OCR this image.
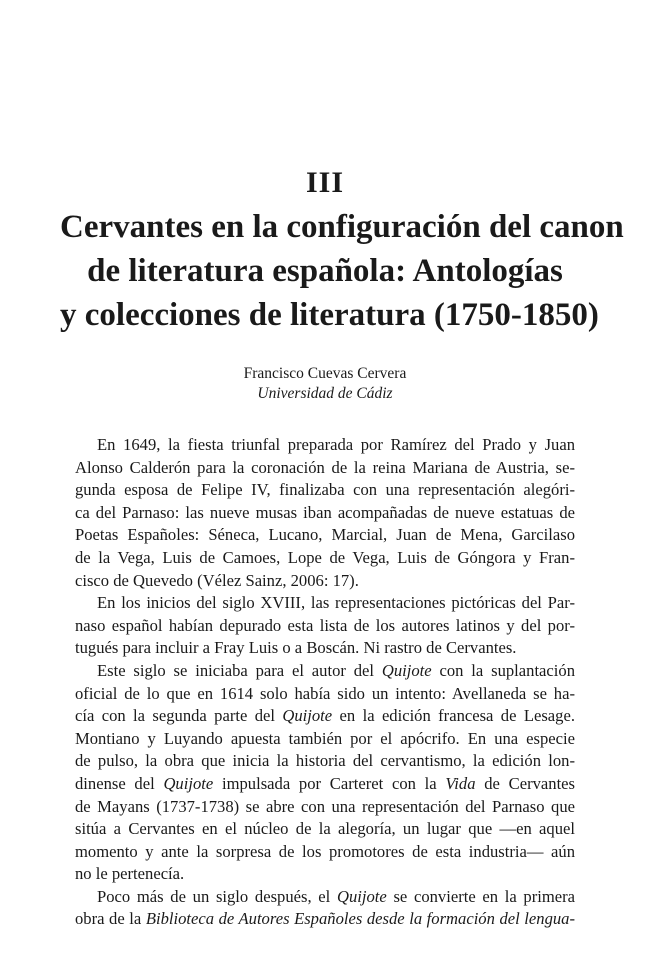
III
Cervantes en la configuración del canon
de literatura española: Antologías
y colecciones de literatura (1750-1850)
Francisco Cuevas Cervera
Universidad de Cádiz
En 1649, la fiesta triunfal preparada por Ramírez del Prado y Juan
Alonso Calderón para la coronación de la reina Mariana de Austria, se-
gunda esposa de Felipe IV, finalizaba con una representación alegóri-
ca del Parnaso: las nueve musas iban acompañadas de nueve estatuas de
Poetas Españoles: Séneca, Lucano, Marcial, Juan de Mena, Garcilaso
de la Vega, Luis de Camoes, Lope de Vega, Luis de Góngora y Fran-
cisco de Quevedo (Vélez Sainz, 2006: 17).
En los inicios del siglo XVIII, las representaciones pictóricas del Par-
naso español habían depurado esta lista de los autores latinos y del por-
tugués para incluir a Fray Luis o a Boscán. Ni rastro de Cervantes.
Este siglo se iniciaba para el autor del Quijote con la suplantación
oficial de lo que en 1614 solo había sido un intento: Avellaneda se ha-
cía con la segunda parte del Quijote en la edición francesa de Lesage.
Montiano y Luyando apuesta también por el apócrifo. En una especie
de pulso, la obra que inicia la historia del cervantismo, la edición lon-
dinense del Quijote impulsada por Carteret con la Vida de Cervantes
de Mayans (1737-1738) se abre con una representación del Parnaso que
sitúa a Cervantes en el núcleo de la alegoría, un lugar que —en aquel
momento y ante la sorpresa de los promotores de esta industria— aún
no le pertenecía.
Poco más de un siglo después, el Quijote se convierte en la primera
obra de la Biblioteca de Autores Españoles desde la formación del lengua-
